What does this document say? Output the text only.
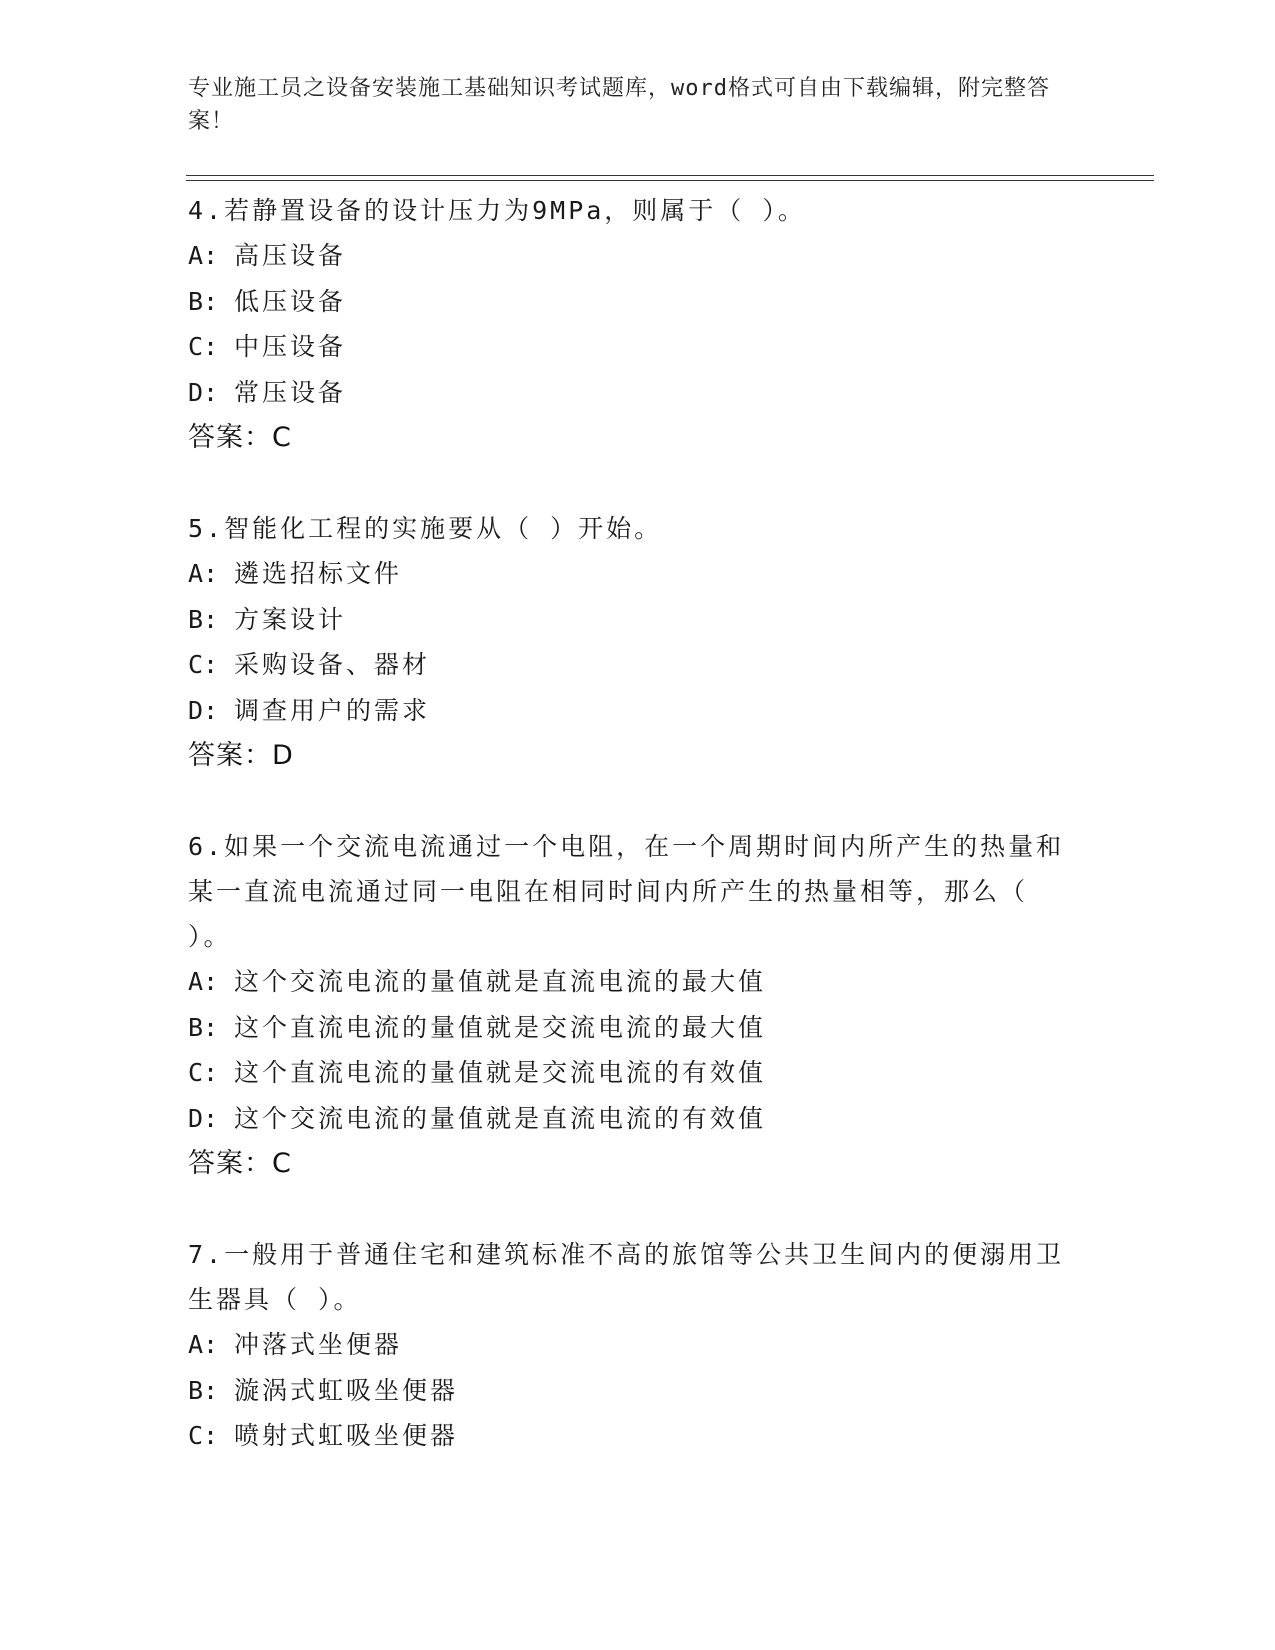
专业施工员之设备安装施工基础知识考试题库，word格式可自由下载编辑，附完整答案！
4.若静置设备的设计压力为9MPa，则属于（ ）。
A: 高压设备
B: 低压设备
C: 中压设备
D: 常压设备
答案：C
5.智能化工程的实施要从（ ）开始。
A: 遴选招标文件
B: 方案设计
C: 采购设备、器材
D: 调查用户的需求
答案：D
6.如果一个交流电流通过一个电阻，在一个周期时间内所产生的热量和某一直流电流通过同一电阻在相同时间内所产生的热量相等，那么（ ）。
A: 这个交流电流的量值就是直流电流的最大值
B: 这个直流电流的量值就是交流电流的最大值
C: 这个直流电流的量值就是交流电流的有效值
D: 这个交流电流的量值就是直流电流的有效值
答案：C
7.一般用于普通住宅和建筑标准不高的旅馆等公共卫生间内的便溺用卫生器具（ ）。
A: 冲落式坐便器
B: 漩涡式虹吸坐便器
C: 喷射式虹吸坐便器
